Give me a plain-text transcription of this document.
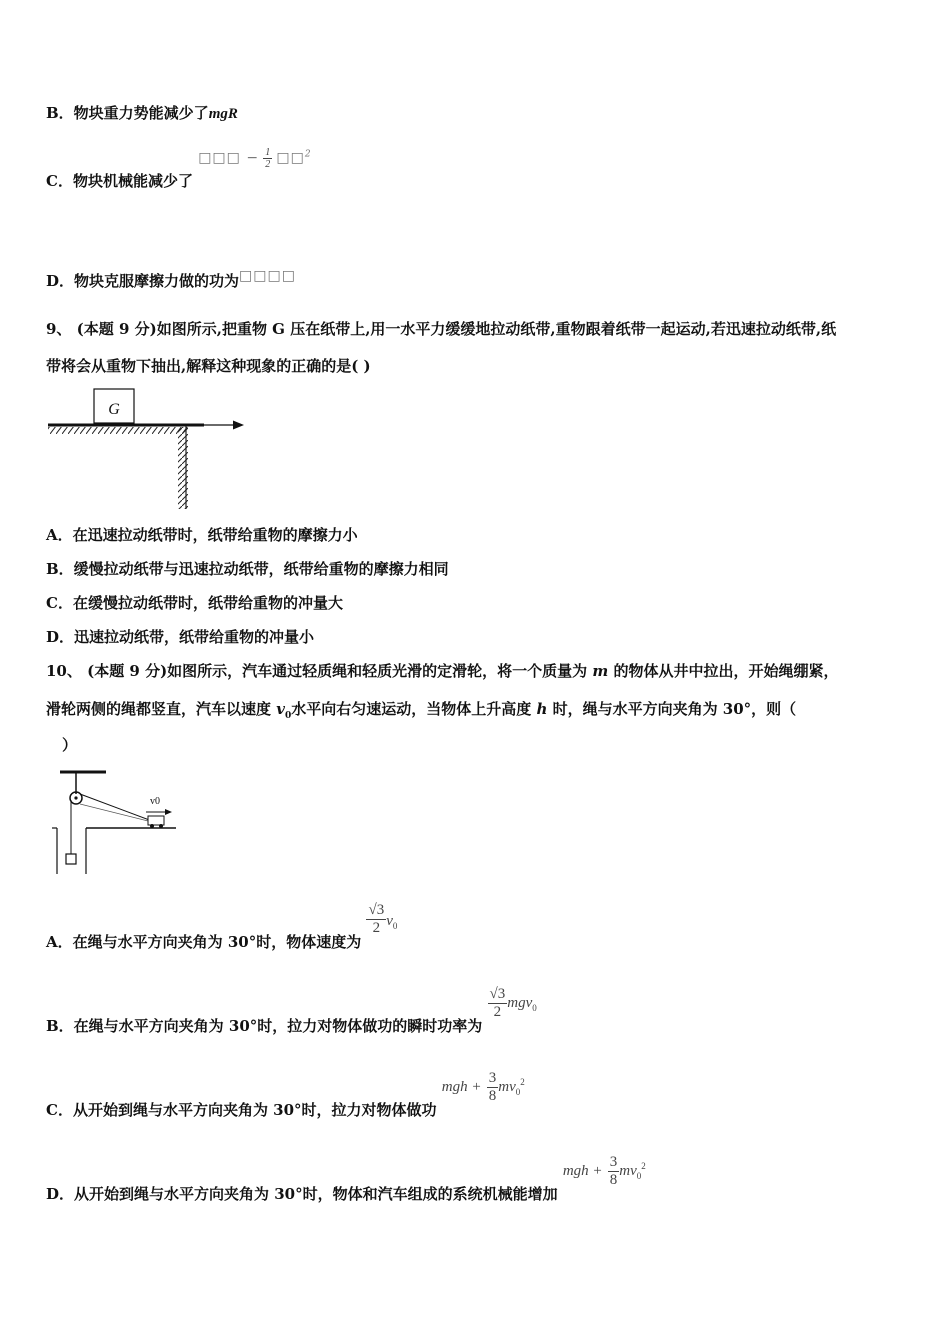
B．物块重力势能减少了mgR
C．物块机械能减少了 □□□ − $\frac{1}{2}$ □□$^2$
D．物块克服摩擦力做的功为□□□□
9、 (本题 9 分)如图所示,把重物 G 压在纸带上,用一水平力缓缓地拉动纸带,重物跟着纸带一起运动,若迅速拉动纸带,纸
带将会从重物下抽出,解释这种现象的正确的是( )
G
A．在迅速拉动纸带时，纸带给重物的摩擦力小
B．缓慢拉动纸带与迅速拉动纸带，纸带给重物的摩擦力相同
C．在缓慢拉动纸带时，纸带给重物的冲量大
D．迅速拉动纸带，纸带给重物的冲量小
10、 (本题 9 分)如图所示，汽车通过轻质绳和轻质光滑的定滑轮，将一个质量为 m 的物体从井中拉出，开始绳绷紧，
滑轮两侧的绳都竖直，汽车以速度 $v_0$水平向右匀速运动，当物体上升高度 h 时，绳与水平方向夹角为 30°，则（
）
v0
A．在绳与水平方向夹角为 30°时，物体速度为
$\frac{√3}{2} v_0$
B．在绳与水平方向夹角为 30°时，拉力对物体做功的瞬时功率为
$\frac{√3}{2} mgv_0$
C．从开始到绳与水平方向夹角为 30°时，拉力对物体做功 mgh + $\frac{3}{8} mv_0^2$
D．从开始到绳与水平方向夹角为 30°时，物体和汽车组成的系统机械能增加 mgh + $\frac{3}{8} mv_0^2$
